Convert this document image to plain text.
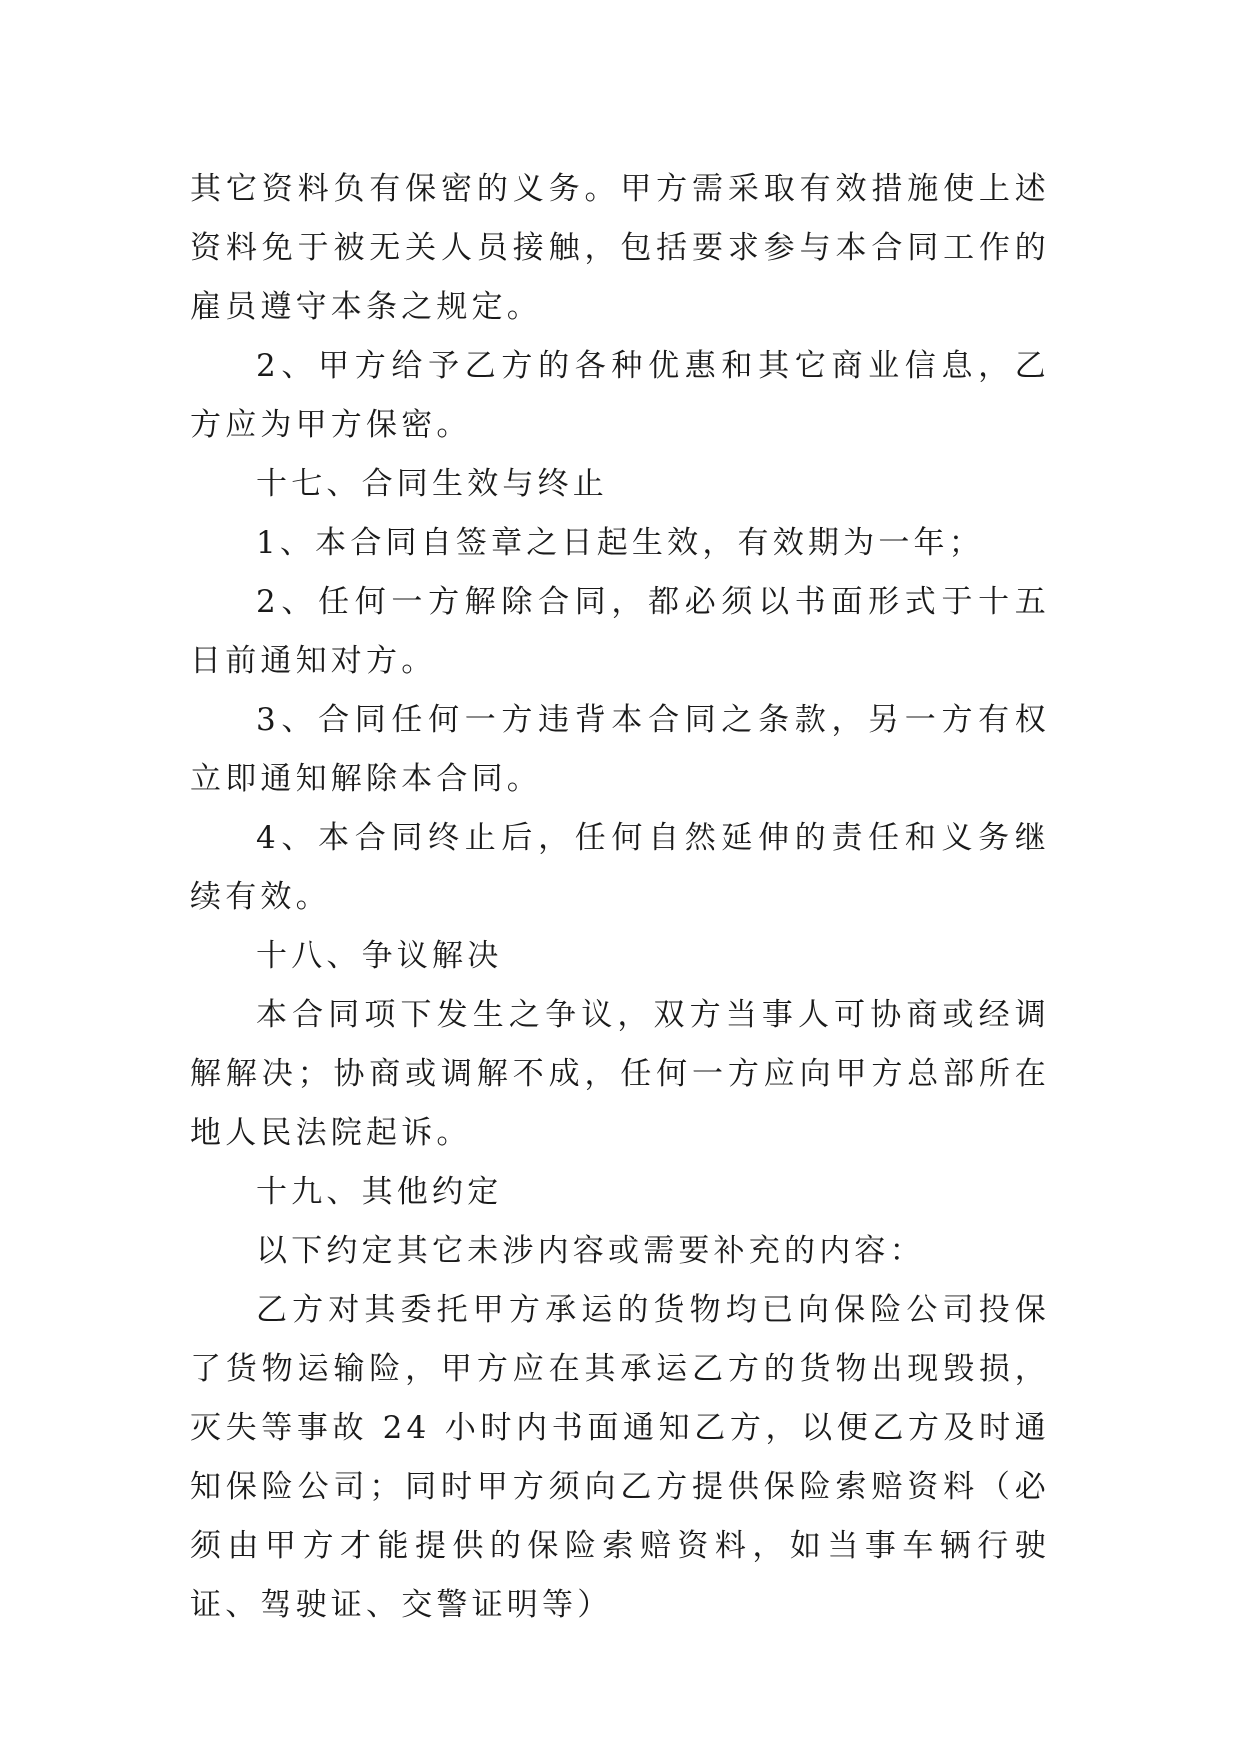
其它资料负有保密的义务。甲方需采取有效措施使上述资料免于被无关人员接触，包括要求参与本合同工作的雇员遵守本条之规定。

2、甲方给予乙方的各种优惠和其它商业信息，乙方应为甲方保密。

十七、合同生效与终止

1、本合同自签章之日起生效，有效期为一年；

2、任何一方解除合同，都必须以书面形式于十五日前通知对方。

3、合同任何一方违背本合同之条款，另一方有权立即通知解除本合同。

4、本合同终止后，任何自然延伸的责任和义务继续有效。

十八、争议解决

本合同项下发生之争议，双方当事人可协商或经调解解决；协商或调解不成，任何一方应向甲方总部所在地人民法院起诉。

十九、其他约定

以下约定其它未涉内容或需要补充的内容：

乙方对其委托甲方承运的货物均已向保险公司投保了货物运输险，甲方应在其承运乙方的货物出现毁损，灭失等事故 24 小时内书面通知乙方，以便乙方及时通知保险公司；同时甲方须向乙方提供保险索赔资料（必须由甲方才能提供的保险索赔资料，如当事车辆行驶证、驾驶证、交警证明等）
